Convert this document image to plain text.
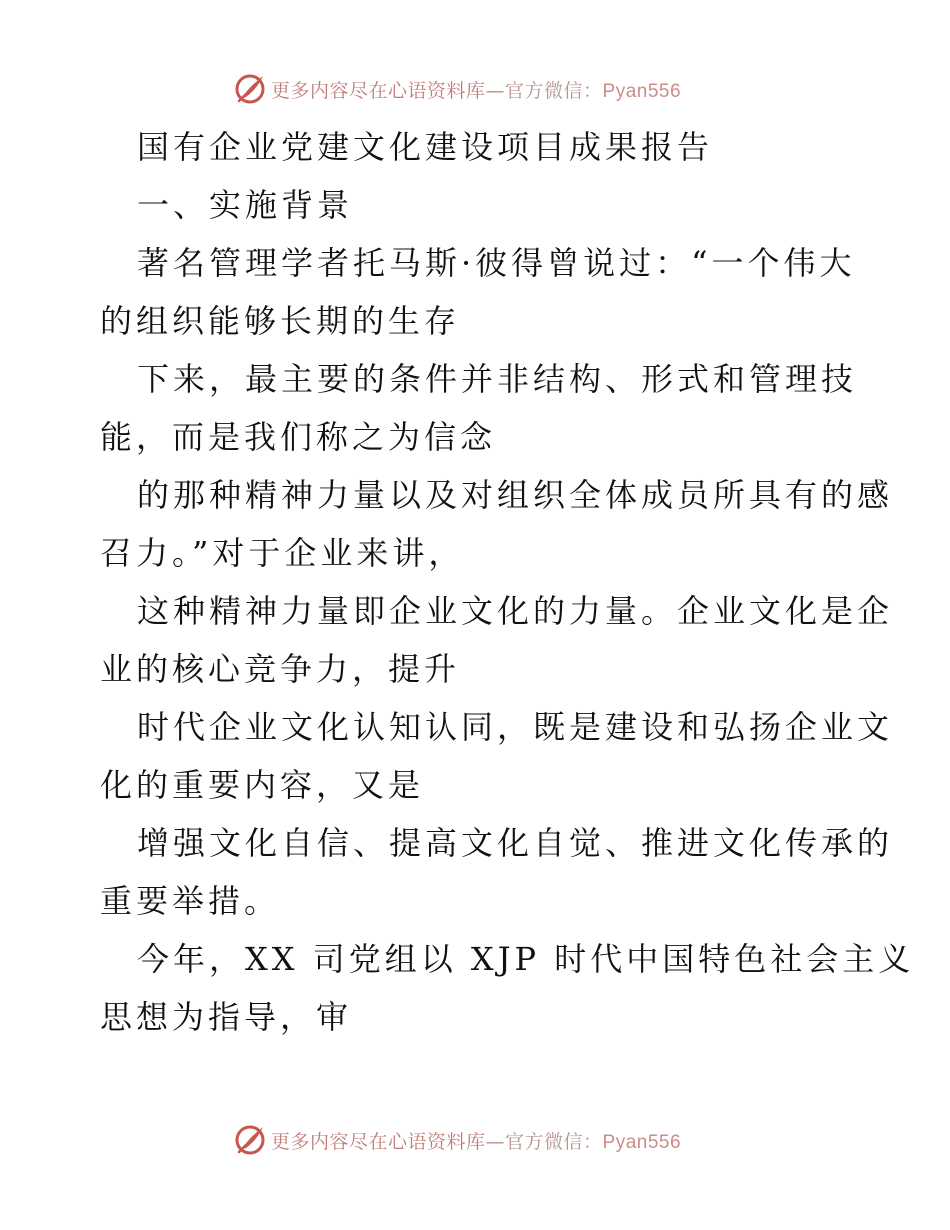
更多内容尽在心语资料库—官方微信：Pyan556
国有企业党建文化建设项目成果报告
一、实施背景
著名管理学者托马斯·彼得曾说过：“一个伟大
的组织能够长期的生存
下来，最主要的条件并非结构、形式和管理技
能，而是我们称之为信念
的那种精神力量以及对组织全体成员所具有的感
召力。”对于企业来讲，
这种精神力量即企业文化的力量。企业文化是企
业的核心竞争力，提升
时代企业文化认知认同，既是建设和弘扬企业文
化的重要内容，又是
增强文化自信、提高文化自觉、推进文化传承的
重要举措。
今年，XX 司党组以 XJP 时代中国特色社会主义
思想为指导，审
更多内容尽在心语资料库—官方微信：Pyan556
